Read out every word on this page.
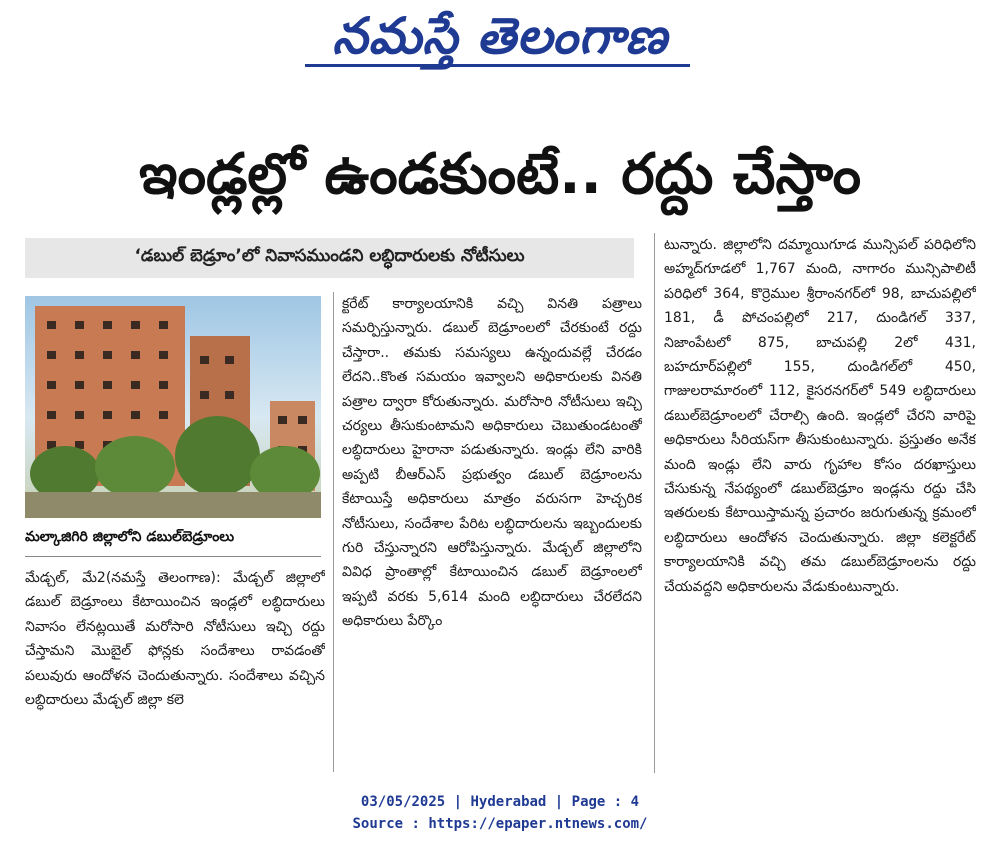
నమస్తే తెలంగాణ
ఇండ్లల్లో ఉండకుంటే.. రద్దు చేస్తాం
‘డబుల్ బెడ్రూం’లో నివాసముండని లబ్ధిదారులకు నోటీసులు
మల్కాజిగిరి జిల్లాలోని డబుల్‌బెడ్రూంలు
మేడ్చల్, మే2(నమస్తే తెలంగాణ): మేడ్చల్ జిల్లాలో డబుల్ బెడ్రూంలు కేటాయించిన ఇండ్లలో లబ్ధిదారులు నివాసం లేనట్లయితే మరోసారి నోటీసులు ఇచ్చి రద్దు చేస్తామని మొబైల్ ఫోన్లకు సందేశాలు రావడంతో పలువురు ఆందోళన చెందుతున్నారు. సందేశాలు వచ్చిన లబ్ధిదారులు మేడ్చల్ జిల్లా కలె
క్టరేట్ కార్యాలయానికి వచ్చి వినతి పత్రాలు సమర్పిస్తున్నారు. డబుల్ బెడ్రూంలలో చేరకుంటే రద్దు చేస్తారా.. తమకు సమస్యలు ఉన్నందువల్లే చేరడం లేదని..కొంత సమయం ఇవ్వాలని అధికారులకు వినతి పత్రాల ద్వారా కోరుతున్నారు. మరోసారి నోటీసులు ఇచ్చి చర్యలు తీసుకుంటామని అధికారులు చెబుతుండటంతో లబ్ధిదారులు హైరానా పడుతున్నారు. ఇండ్లు లేని వారికి అప్పటి బీఆర్ఎస్ ప్రభుత్వం డబుల్ బెడ్రూంలను కేటాయిస్తే అధికారులు మాత్రం వరుసగా హెచ్చరిక నోటీసులు, సందేశాల పేరిట లబ్ధిదారులను ఇబ్బందులకు గురి చేస్తున్నారని ఆరోపిస్తున్నారు. మేడ్చల్ జిల్లాలోని వివిధ ప్రాంతాల్లో కేటాయించిన డబుల్ బెడ్రూంలలో ఇప్పటి వరకు 5,614 మంది లబ్ధిదారులు చేరలేదని అధికారులు పేర్కొం
టున్నారు. జిల్లాలోని దమ్మాయిగూడ మున్సిపల్ పరిధిలోని అహ్మద్‌గూడలో 1,767 మంది, నాగారం మున్సిపాలిటీ పరిధిలో 364, కొర్రెముల శ్రీరాంనగర్‌లో 98, బాచుపల్లిలో 181, డీ పోచంపల్లిలో 217, దుండిగల్ 337, నిజాంపేటలో 875, బాచుపల్లి 2లో 431, బహదూర్‌పల్లిలో 155, దుండిగల్‌లో 450, గాజులరామారంలో 112, కైసరనగర్‌లో 549 లబ్ధిదారులు డబుల్‌బెడ్రూంలలో చేరాల్సి ఉంది. ఇండ్లలో చేరని వారిపై అధికారులు సీరియస్‌గా తీసుకుంటున్నారు. ప్రస్తుతం అనేక మంది ఇండ్లు లేని వారు గృహాల కోసం దరఖాస్తులు చేసుకున్న నేపథ్యంలో డబుల్‌బెడ్రూం ఇండ్లను రద్దు చేసి ఇతరులకు కేటాయిస్తామన్న ప్రచారం జరుగుతున్న క్రమంలో లబ్ధిదారులు ఆందోళన చెందుతున్నారు. జిల్లా కలెక్టరేట్ కార్యాలయానికి వచ్చి తమ డబుల్‌బెడ్రూంలను రద్దు చేయవద్దని అధికారులను వేడుకుంటున్నారు.
03/05/2025 | Hyderabad | Page : 4
Source : https://epaper.ntnews.com/
